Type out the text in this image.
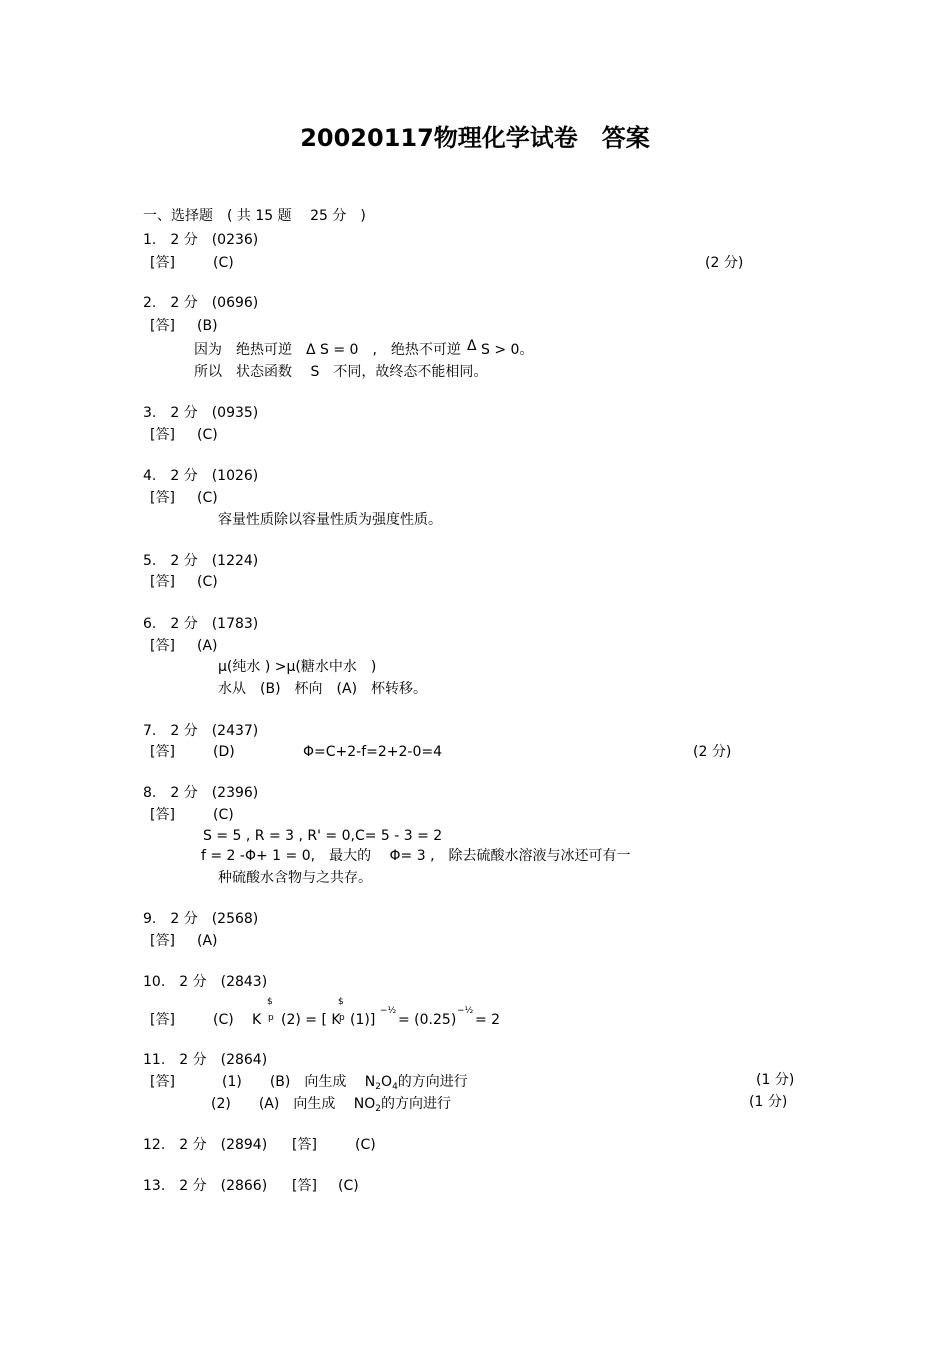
20020117物理化学试卷　答案
一、选择题　( 共 15 题　 25 分　)
1.　2 分　(0236)
[答]	(C)	(2 分)
2.　2 分　(0696)
[答] (B)
因为　绝热可逆　Δ S = 0　,　绝热不可逆 Δ S > 0。
所以　状态函数　 S　不同，故终态不能相同。
3.　2 分　(0935)
[答] (C)
4.　2 分　(1026)
[答] (C)
容量性质除以容量性质为强度性质。
5.　2 分　(1224)
[答] (C)
6.　2 分　(1783)
[答] (A)
μ(纯水 ) >μ(糖水中水　)
水从　(B)　杯向　(A)　杯转移。
7.　2 分　(2437)
[答]	(D)	Φ=C+2-f=2+2-0=4	(2 分)
8.　2 分　(2396)
[答]	(C)
S = 5 , R = 3 , R' = 0,C= 5 - 3 = 2
f = 2 -Φ+ 1 = 0,　最大的　 Φ= 3 ,　除去硫酸水溶液与冰还可有一
种硫酸水含物与之共存。
9.　2 分　(2568)
[答] (A)
10.　2 分　(2843)
[答]	(C) K
$
p (2) = [ K
$
p (1)]
−½
= (0.25)
−½
= 2
11.　2 分　(2864)
[答]	(1)　　(B)　向生成　 $N_2O_4$的方向进行	(1 分)
(2)　　(A)　向生成　 $NO_2$的方向进行	(1 分)
12.　2 分　(2894) [答]	(C)
13.　2 分　(2866) [答] (C)
